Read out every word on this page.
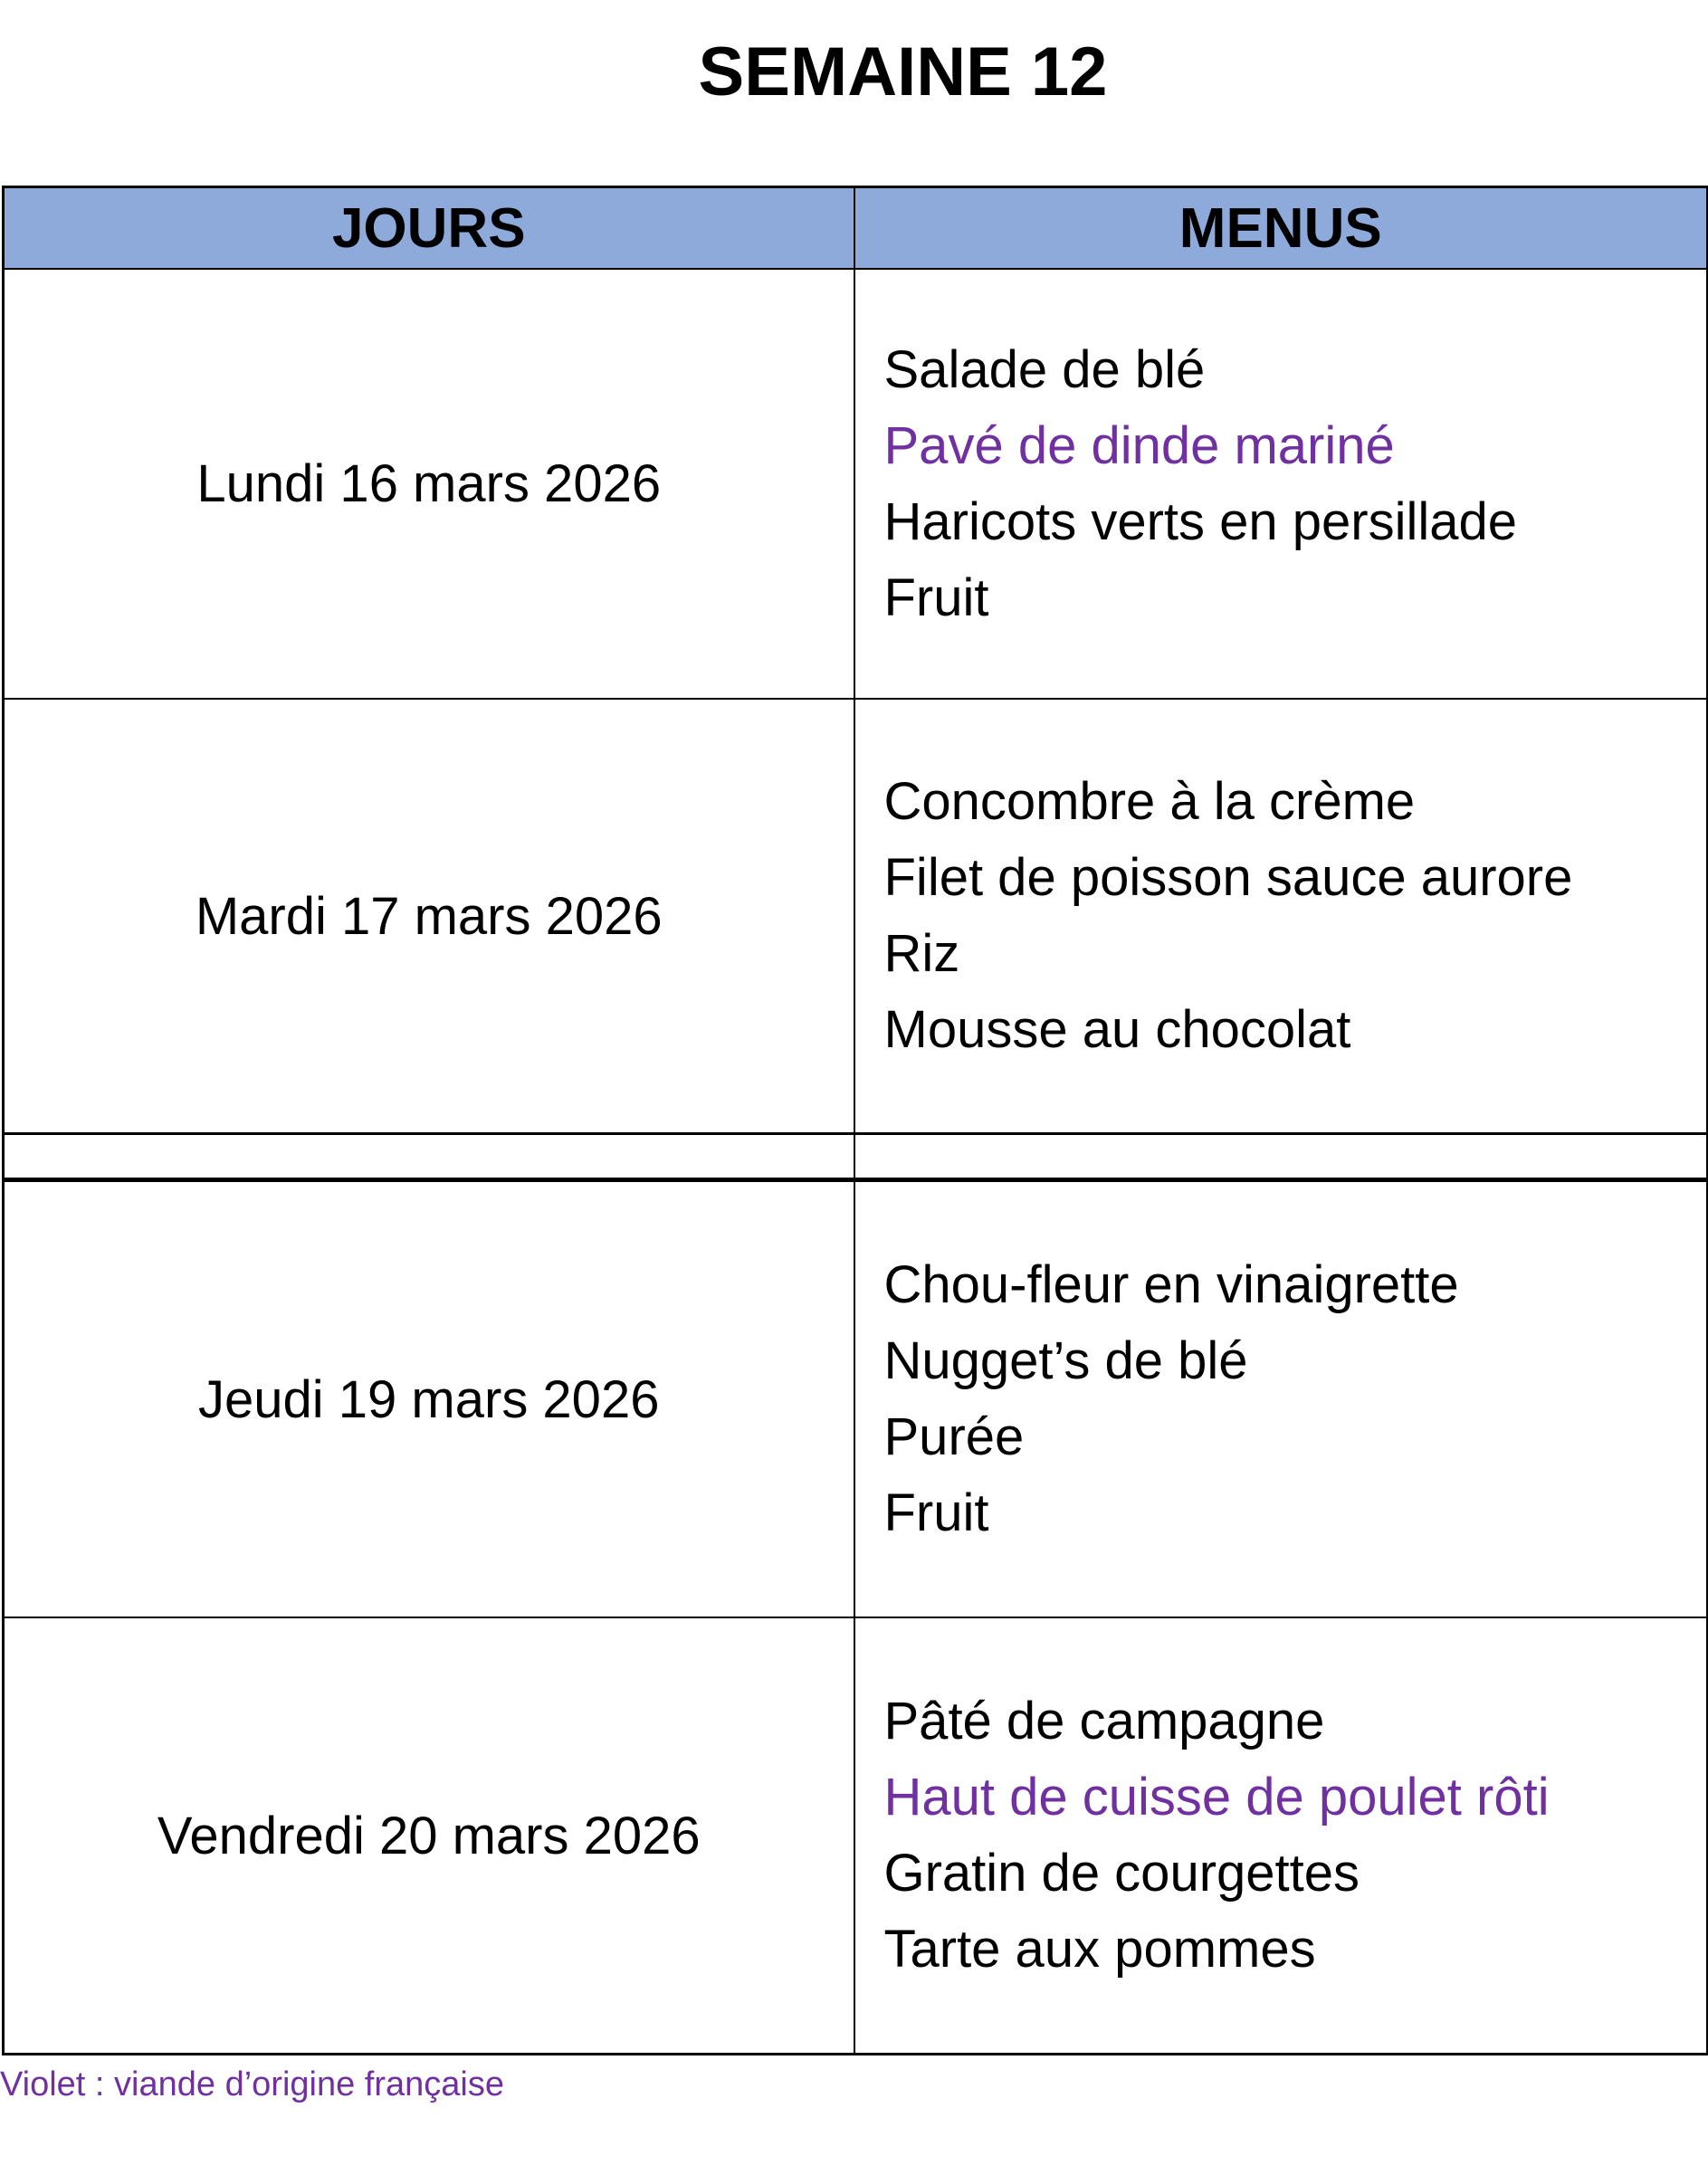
SEMAINE 12
JOURS	MENUS
Lundi 16 mars 2026	Salade de blé
Pavé de dinde mariné
Haricots verts en persillade
Fruit

Mardi 17 mars 2026	Concombre à la crème
Filet de poisson sauce aurore
Riz
Mousse au chocolat

Jeudi 19 mars 2026	Chou-fleur en vinaigrette
Nugget’s de blé
Purée
Fruit

Vendredi 20 mars 2026	Pâté de campagne
Haut de cuisse de poulet rôti
Gratin de courgettes
Tarte aux pommes
Violet : viande d’origine française
